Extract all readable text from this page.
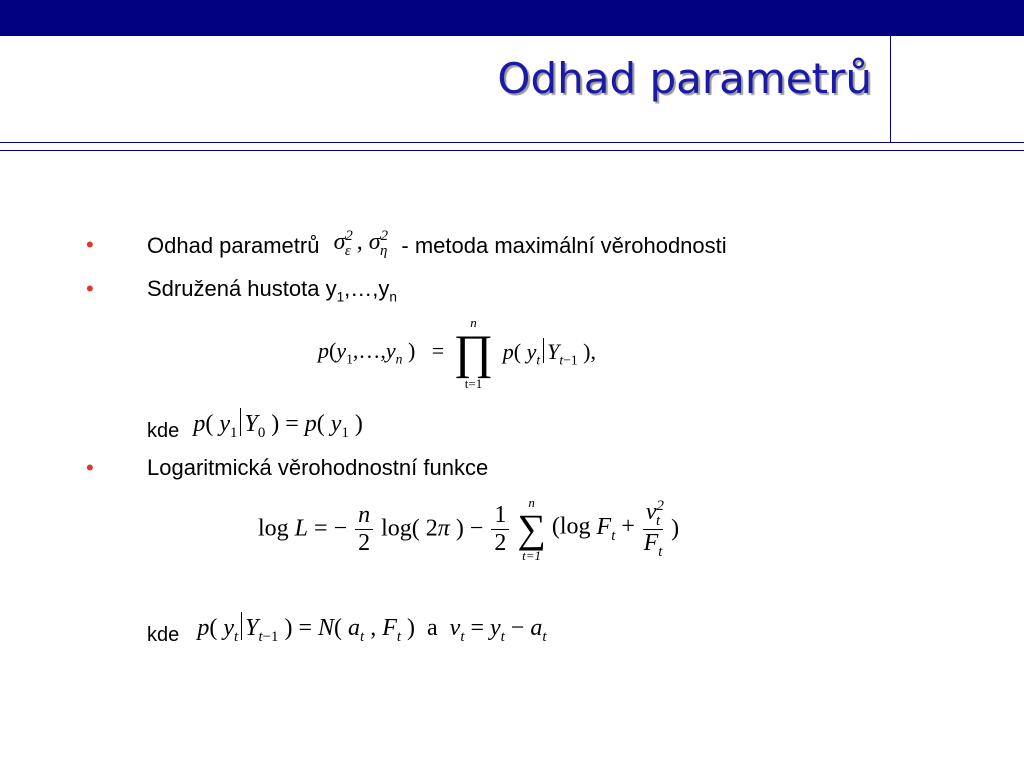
Odhad parametrů
• Odhad parametrů $\sigma^2_\varepsilon$ , $\sigma^2_\eta$ - metoda maximální věrohodnosti
• Sdružená hustota $y_1,\dots,y_n$
$p(y_1,\dots,y_n$ )   =
n
∏
t=1
p( $y_t$ $Y_{t-1}$ ),
kde p( $y_1$ $Y_0$ ) = p( $y_1$ )
• Logaritmická věrohodnostní funkce
log L = − $\frac{n}{2} \log$( 2π ) − $\frac{1}{2}$
	n
∑
t=1
(log $F_t + \frac{v^2_t}{F_t}$ )
kde p( $y_t$ $Y_{t-1}$ ) = N( $a_t$ , $F_t$ )  a $v_t = y_t - a_t$
